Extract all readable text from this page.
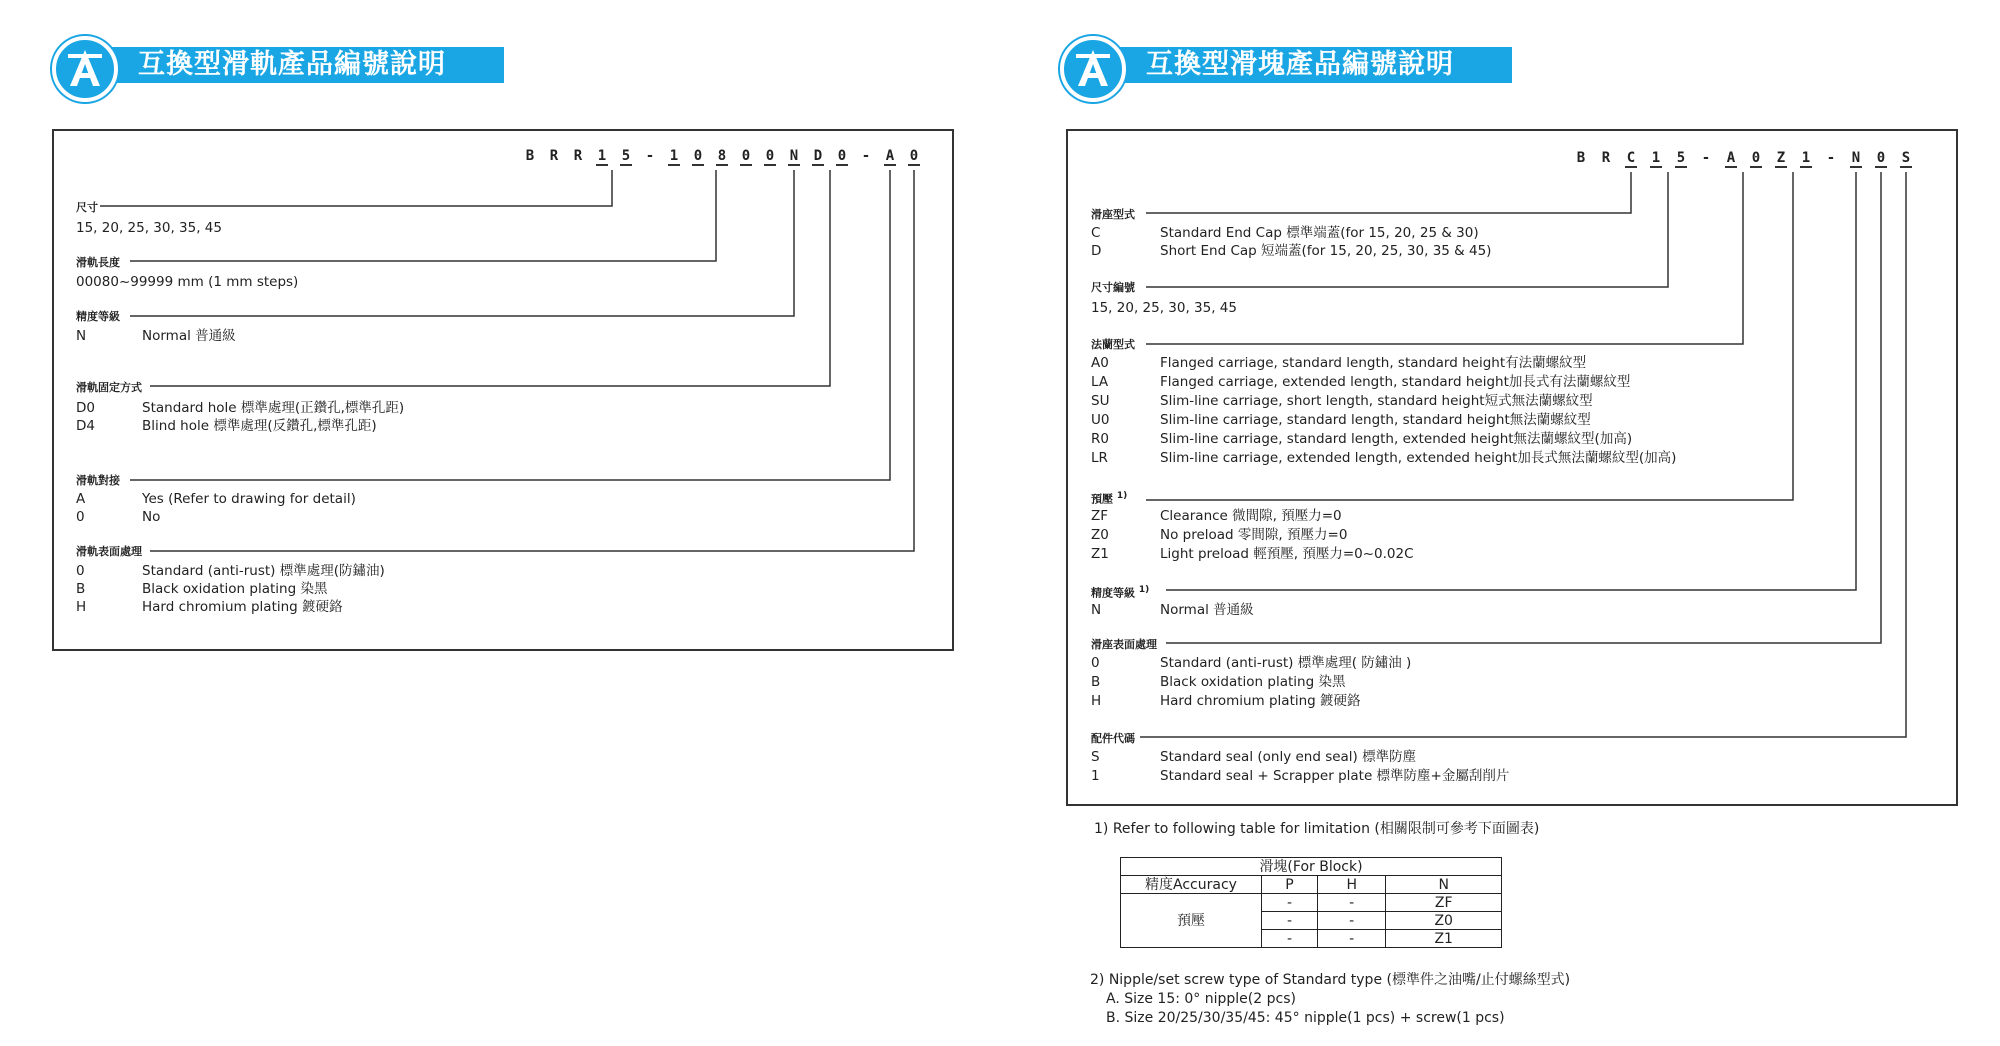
互換型滑軌產品編號說明	互換型滑塊產品編號說明
B R R 1 5 - 1 0 8 0 0 N D 0 - A 0
尺寸
15, 20, 25, 30, 35, 45
滑軌長度
00080~99999 mm (1 mm steps)
精度等級
N	Normal 普通級
滑軌固定方式
D0	Standard hole 標準處理(正鑽孔,標準孔距)
D4	Blind hole 標準處理(反鑽孔,標準孔距)
滑軌對接
A	Yes (Refer to drawing for detail)
0	No
滑軌表面處理
0	Standard (anti-rust) 標準處理(防鏽油)
B	Black oxidation plating 染黑
H	Hard chromium plating 鍍硬鉻
B R C 1 5 - A 0 Z 1 - N 0 S
滑座型式
C	Standard End Cap 標準端蓋(for 15, 20, 25 & 30)
D	Short End Cap 短端蓋(for 15, 20, 25, 30, 35 & 45)
尺寸編號
15, 20, 25, 30, 35, 45
法蘭型式
A0	Flanged carriage, standard length, standard height有法蘭螺紋型
LA	Flanged carriage, extended length, standard height加長式有法蘭螺紋型
SU	Slim-line carriage, short length, standard height短式無法蘭螺紋型
U0	Slim-line carriage, standard length, standard height無法蘭螺紋型
R0	Slim-line carriage, standard length, extended height無法蘭螺紋型(加高)
LR	Slim-line carriage, extended length, extended height加長式無法蘭螺紋型(加高)
預壓 $^{1)}$
ZF	Clearance 微間隙, 預壓力=0
Z0	No preload 零間隙, 預壓力=0
Z1	Light preload 輕預壓, 預壓力=0~0.02C
精度等級 $^{1)}$
N	Normal 普通級
滑座表面處理
0	Standard (anti-rust) 標準處理( 防鏽油 )
B	Black oxidation plating 染黑
H	Hard chromium plating 鍍硬鉻
配件代碼
S	Standard seal (only end seal) 標準防塵
1	Standard seal + Scrapper plate 標準防塵+金屬刮削片
1) Refer to following table for limitation (相關限制可參考下面圖表)
滑塊(For Block)			
精度Accuracy	P	H	N
預壓	-	-	ZF
	-	-	Z0
	-	-	Z1
2) Nipple/set screw type of Standard type (標準件之油嘴/止付螺絲型式)
A. Size 15: 0° nipple(2 pcs)
B. Size 20/25/30/35/45: 45° nipple(1 pcs) + screw(1 pcs)
